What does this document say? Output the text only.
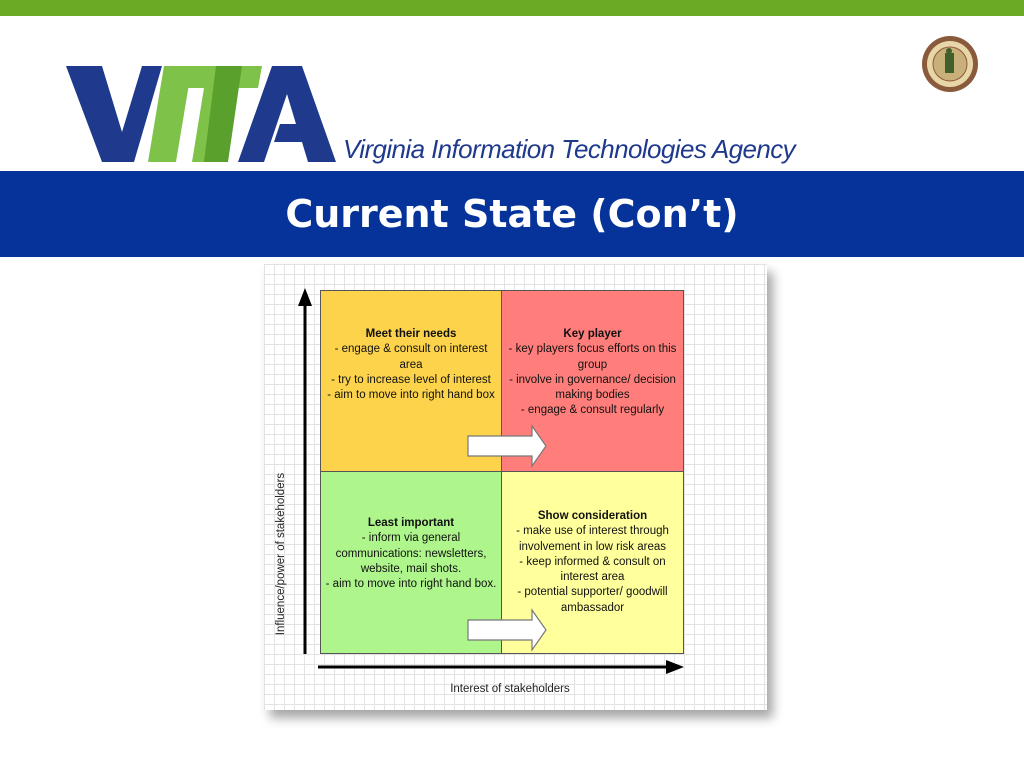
Virginia Information Technologies Agency
Current State (Con’t)
Meet their needs
- engage & consult on interest area
- try to increase level of interest
- aim to move into right hand box
Key player
- key players focus efforts on this group
- involve in governance/ decision making bodies
- engage & consult regularly
Least important
- inform via general communications: newsletters, website, mail shots.
- aim to move into right hand box.
Show consideration
- make use of interest through involvement in low risk areas
- keep informed & consult on interest area
- potential supporter/ goodwill ambassador
Influence/power of stakeholders
Interest of stakeholders
